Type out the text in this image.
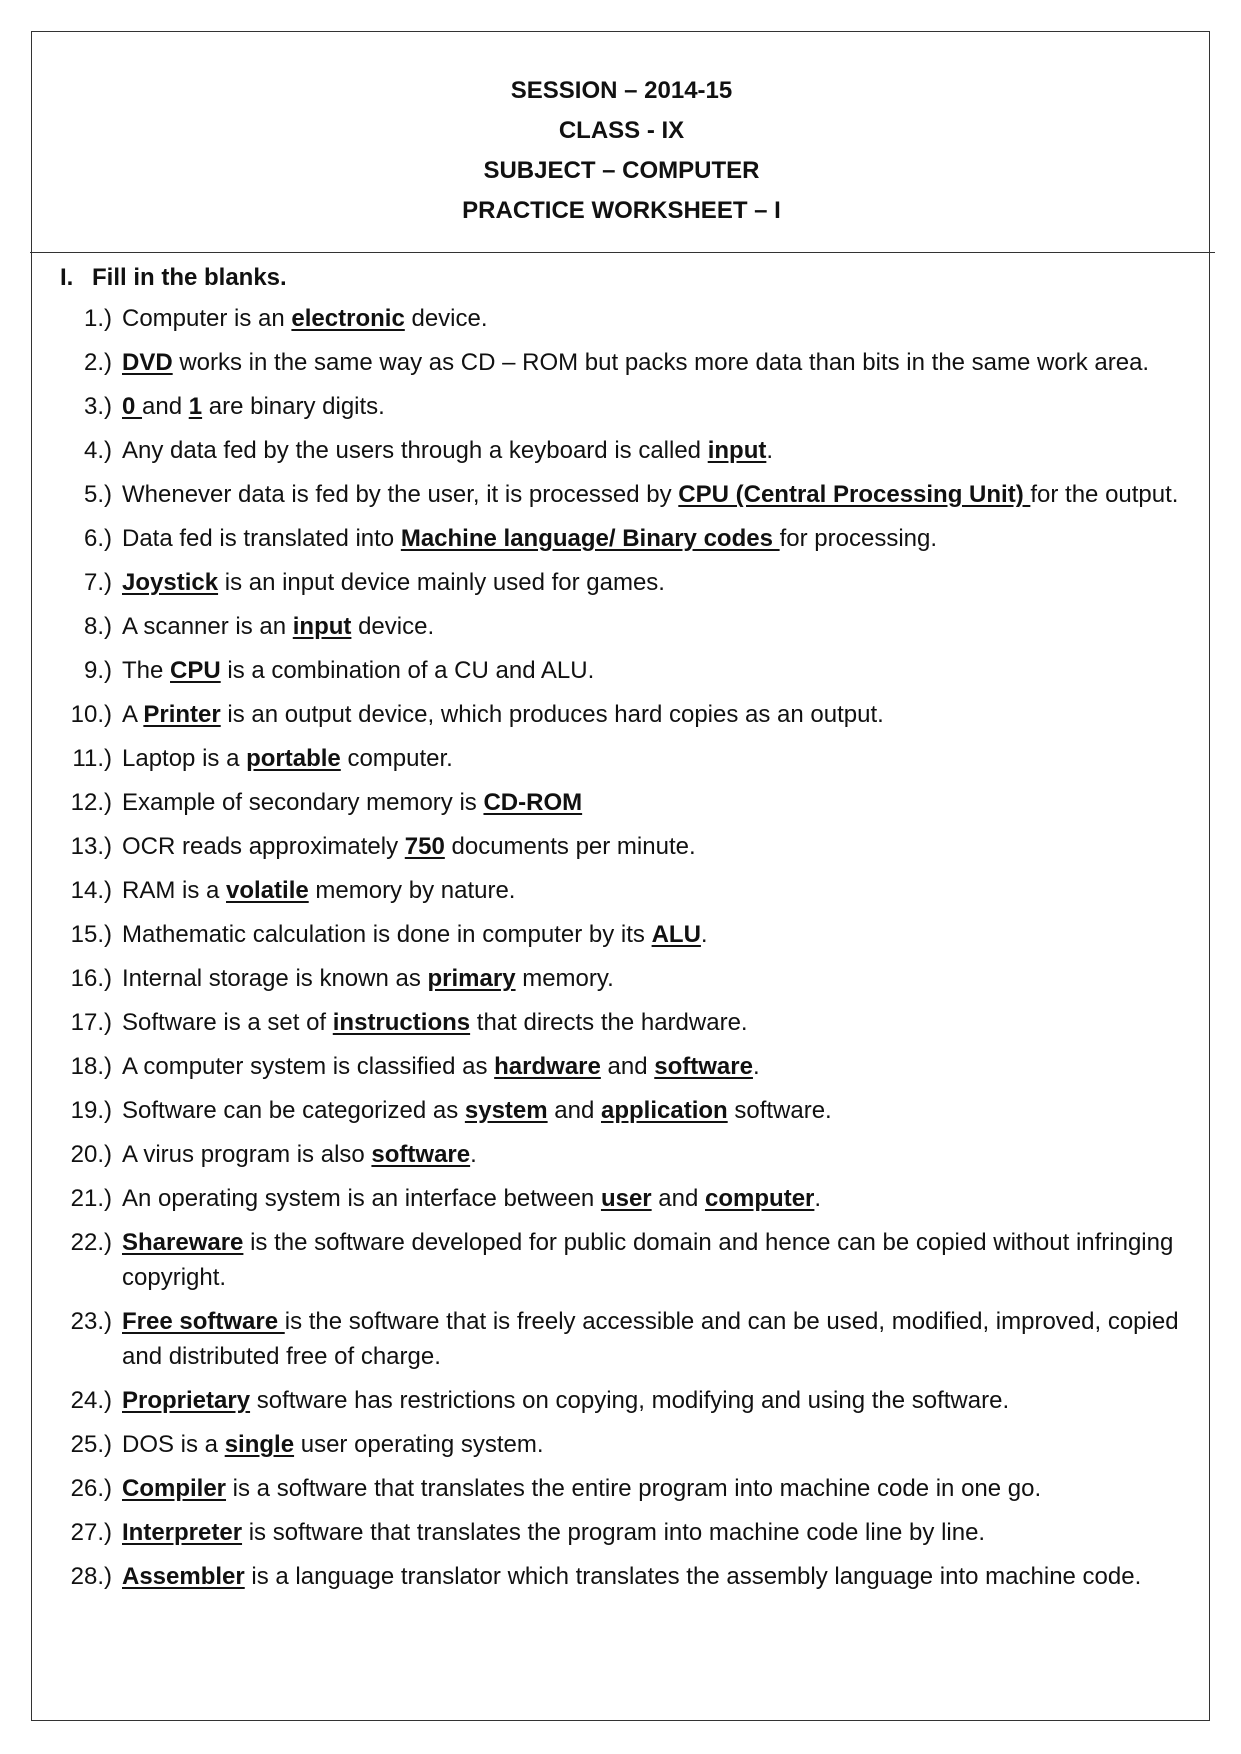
SESSION – 2014-15
CLASS - IX
SUBJECT – COMPUTER
PRACTICE WORKSHEET – I
I. Fill in the blanks.
1.) Computer is an electronic device.
2.) DVD works in the same way as CD – ROM but packs more data than bits in the same work area.
3.) 0 and 1 are binary digits.
4.) Any data fed by the users through a keyboard is called input.
5.) Whenever data is fed by the user, it is processed by CPU (Central Processing Unit) for the output.
6.) Data fed is translated into Machine language/ Binary codes for processing.
7.) Joystick is an input device mainly used for games.
8.) A scanner is an input device.
9.) The CPU is a combination of a CU and ALU.
10.) A Printer is an output device, which produces hard copies as an output.
11.) Laptop is a portable computer.
12.) Example of secondary memory is CD-ROM
13.) OCR reads approximately 750 documents per minute.
14.) RAM is a volatile memory by nature.
15.) Mathematic calculation is done in computer by its ALU.
16.) Internal storage is known as primary memory.
17.) Software is a set of instructions that directs the hardware.
18.) A computer system is classified as hardware and software.
19.) Software can be categorized as system and application software.
20.) A virus program is also software.
21.) An operating system is an interface between user and computer.
22.) Shareware is the software developed for public domain and hence can be copied without infringing copyright.
23.) Free software is the software that is freely accessible and can be used, modified, improved, copied and distributed free of charge.
24.) Proprietary software has restrictions on copying, modifying and using the software.
25.) DOS is a single user operating system.
26.) Compiler is a software that translates the entire program into machine code in one go.
27.) Interpreter is software that translates the program into machine code line by line.
28.) Assembler is a language translator which translates the assembly language into machine code.
